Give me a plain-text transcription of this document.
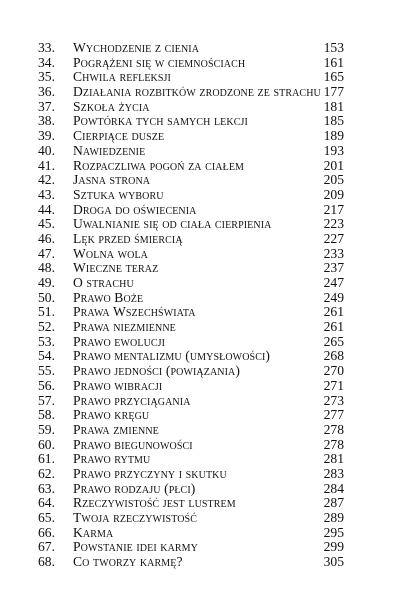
33. Wychodzenie z cienia	153
34. Pogrążeni się w ciemnościach	161
35. Chwila refleksji	165
36. Działania rozbitków zrodzone ze strachu 177
37. Szkoła życia	181
38. Powtórka tych samych lekcji	185
39. Cierpiące dusze	189
40. Nawiedzenie	193
41. Rozpaczliwa pogoń za ciałem	201
42. Jasna strona	205
43. Sztuka wyboru	209
44. Droga do oświecenia	217
45. Uwalnianie się od ciała cierpienia	223
46. Lęk przed śmiercią	227
47. Wolna wola	233
48. Wieczne teraz	237
49. O strachu	247
50. Prawo Boże	249
51. Prawa Wszechświata	261
52. Prawa niezmienne	261
53. Prawo ewolucji	265
54. Prawo mentalizmu (umysłowości)	268
55. Prawo jedności (powiązania)	270
56. Prawo wibracji	271
57. Prawo przyciągania	273
58. Prawo kręgu	277
59. Prawa zmienne	278
60. Prawo biegunowości	278
61. Prawo rytmu	281
62. Prawo przyczyny i skutku	283
63. Prawo rodzaju (płci)	284
64. Rzeczywistość jest lustrem	287
65. Twoja rzeczywistość	289
66. Karma	295
67. Powstanie idei karmy	299
68. Co tworzy karmę?	305
